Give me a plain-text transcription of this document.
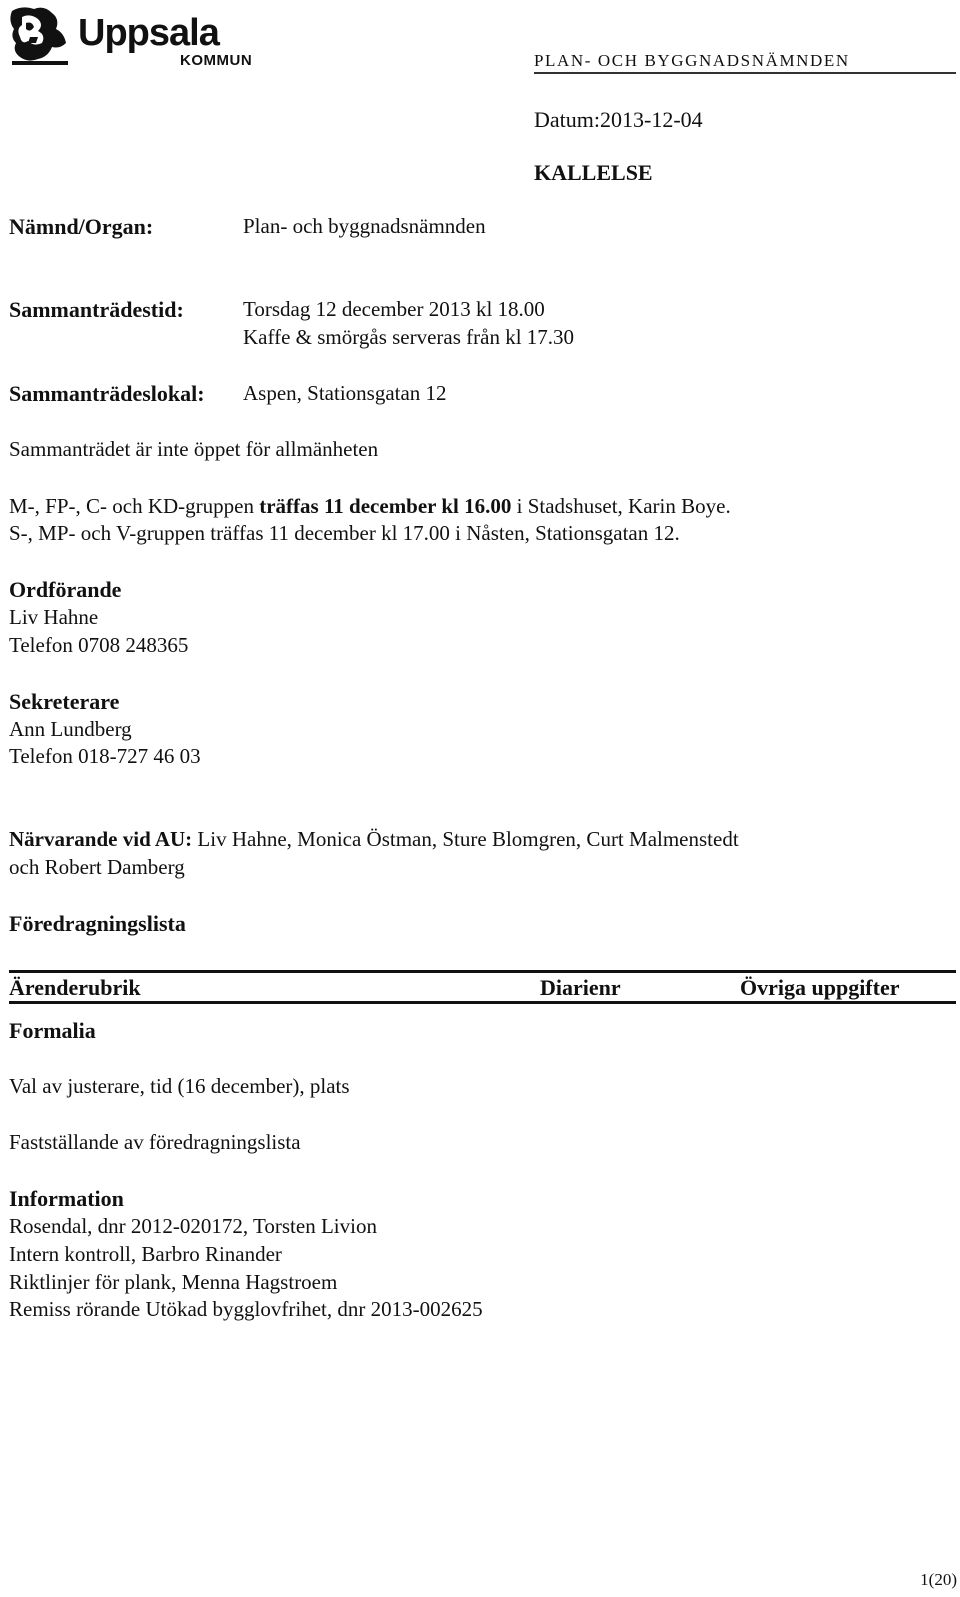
Uppsala
KOMMUN	PLAN- OCH BYGGNADSNÄMNDEN
Datum:2013-12-04
KALLELSE
Nämnd/Organ:	Plan- och byggnadsnämnden
Sammanträdestid:	Torsdag 12 december 2013 kl 18.00
Kaffe & smörgås serveras från kl 17.30
Sammanträdeslokal: Aspen, Stationsgatan 12
Sammanträdet är inte öppet för allmänheten
M-, FP-, C- och KD-gruppen träffas 11 december kl 16.00 i Stadshuset, Karin Boye.
S-, MP- och V-gruppen träffas 11 december kl 17.00 i Nåsten, Stationsgatan 12.
Ordförande
Liv Hahne
Telefon 0708 248365
Sekreterare
Ann Lundberg
Telefon 018-727 46 03
Närvarande vid AU: Liv Hahne, Monica Östman, Sture Blomgren, Curt Malmenstedt
och Robert Damberg
Föredragningslista
Ärenderubrik	Diarienr	Övriga uppgifter
Formalia
Val av justerare, tid (16 december), plats
Fastställande av föredragningslista
Information
Rosendal, dnr 2012-020172, Torsten Livion
Intern kontroll, Barbro Rinander
Riktlinjer för plank, Menna Hagstroem
Remiss rörande Utökad bygglovfrihet, dnr 2013-002625
1(20)
